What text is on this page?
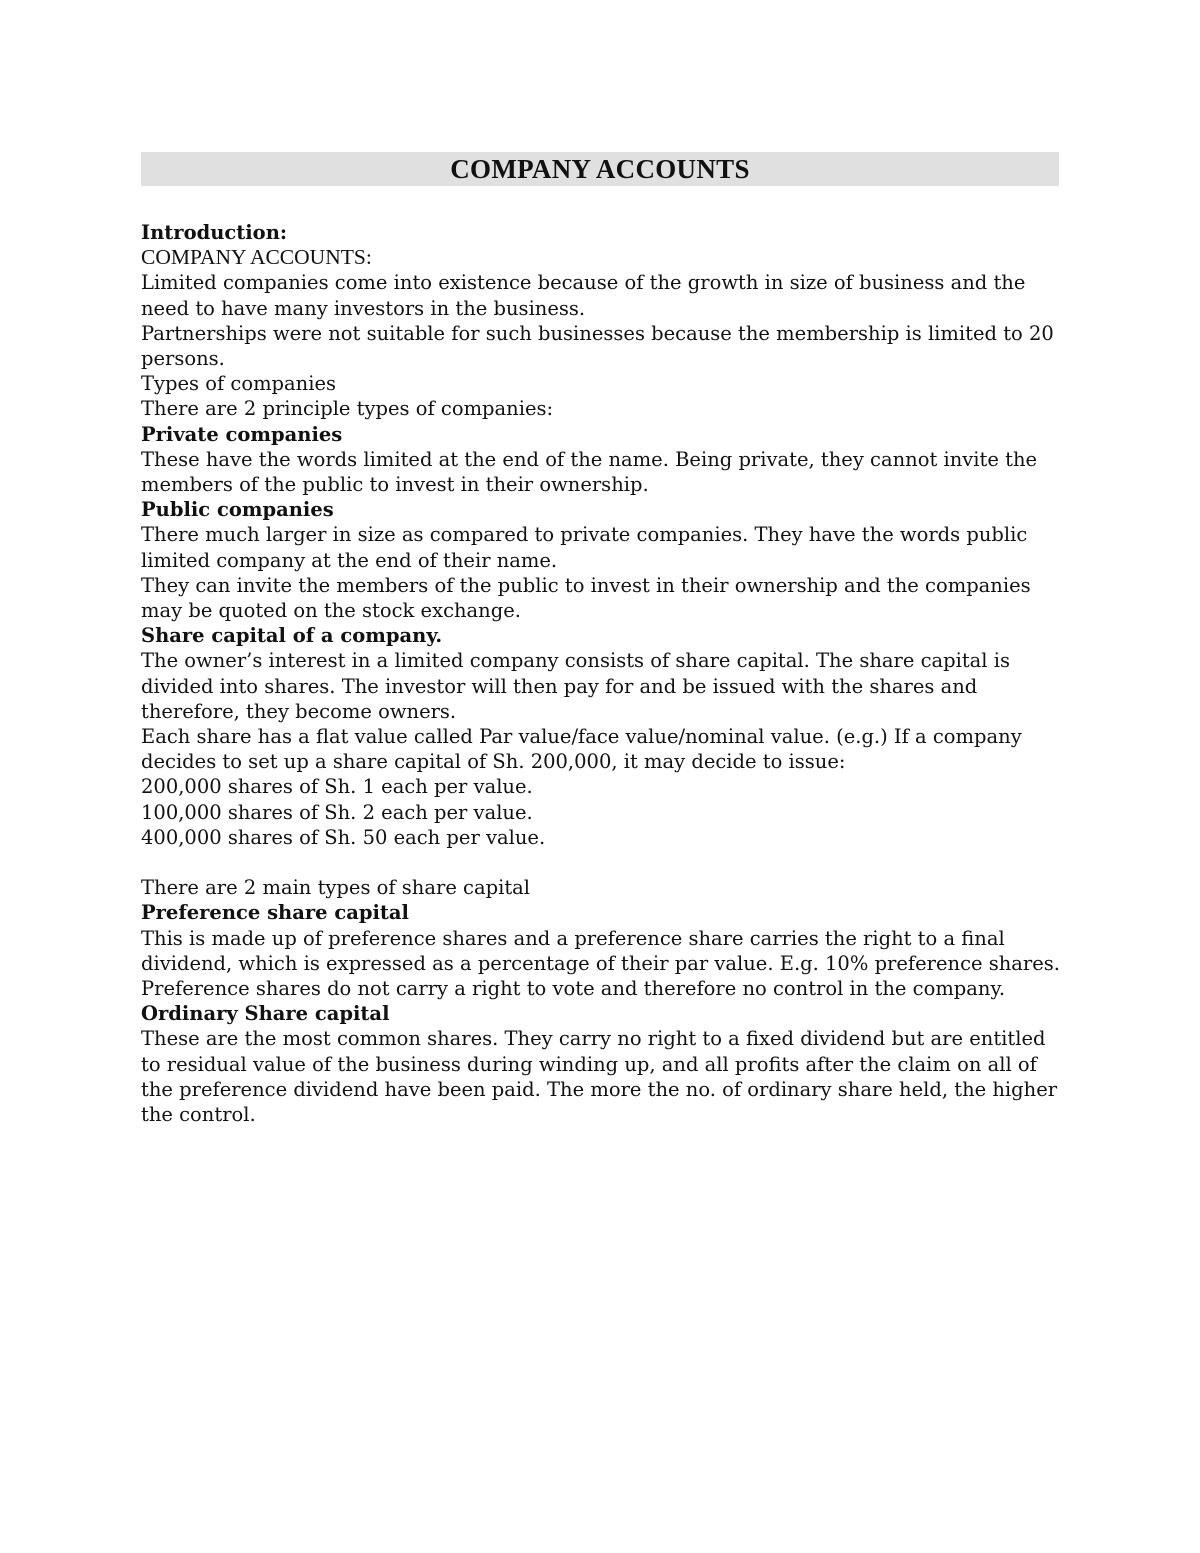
COMPANY ACCOUNTS

Introduction:

COMPANY ACCOUNTS:

Limited companies come into existence because of the growth in size of business and the need to have many investors in the business.

Partnerships were not suitable for such businesses because the membership is limited to 20 persons.

Types of companies

There are 2 principle types of companies:

Private companies

These have the words limited at the end of the name. Being private, they cannot invite the members of the public to invest in their ownership.

Public companies

There much larger in size as compared to private companies. They have the words public limited company at the end of their name.

They can invite the members of the public to invest in their ownership and the companies may be quoted on the stock exchange.

Share capital of a company.

The owner’s interest in a limited company consists of share capital. The share capital is divided into shares. The investor will then pay for and be issued with the shares and therefore, they become owners.

Each share has a flat value called Par value/face value/nominal value. (e.g.) If a company decides to set up a share capital of Sh. 200,000, it may decide to issue:

200,000 shares of Sh. 1 each per value.

100,000 shares of Sh. 2 each per value.

400,000 shares of Sh. 50 each per value.

There are 2 main types of share capital

Preference share capital

This is made up of preference shares and a preference share carries the right to a final dividend, which is expressed as a percentage of their par value. E.g. 10% preference shares.

Preference shares do not carry a right to vote and therefore no control in the company.

Ordinary Share capital

These are the most common shares. They carry no right to a fixed dividend but are entitled to residual value of the business during winding up, and all profits after the claim on all of the preference dividend have been paid. The more the no. of ordinary share held, the higher the control.
